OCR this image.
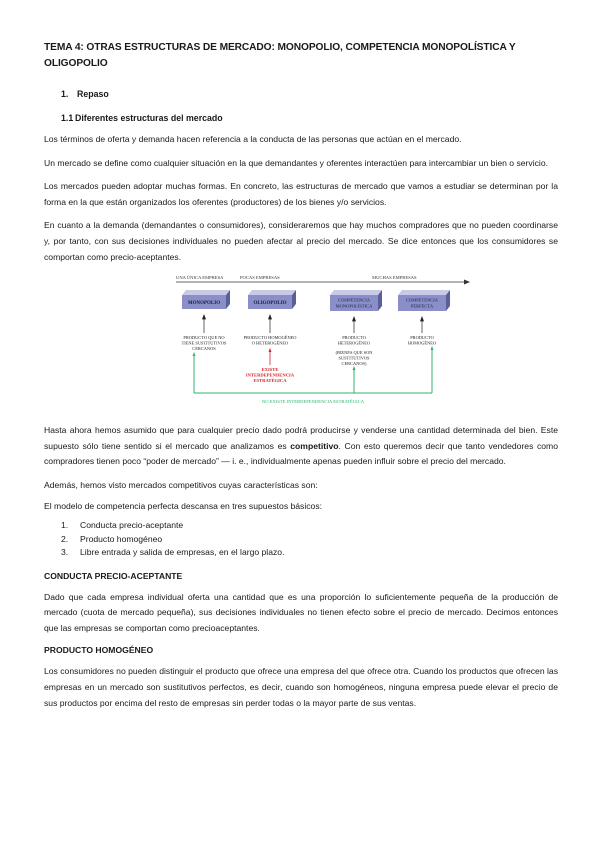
TEMA 4: OTRAS ESTRUCTURAS DE MERCADO: MONOPOLIO, COMPETENCIA MONOPOLÍSTICA Y OLIGOPOLIO
1. Repaso
1.1 Diferentes estructuras del mercado

Los términos de oferta y demanda hacen referencia a la conducta de las personas que actúan en el mercado.

Un mercado se define como cualquier situación en la que demandantes y oferentes interactúen para intercambiar un bien o servicio.

Los mercados pueden adoptar muchas formas. En concreto, las estructuras de mercado que vamos a estudiar se determinan por la forma en la que están organizados los oferentes (productores) de los bienes y/o servicios.

En cuanto a la demanda (demandantes o consumidores), consideraremos que hay muchos compradores que no pueden coordinarse y, por tanto, con sus decisiones individuales no pueden afectar al precio del mercado. Se dice entonces que los consumidores se comportan como precio-aceptantes.

UNA ÚNICA EMPRESA	POCAS EMPRESAS	MUCHAS EMPRESAS
MONOPOLIO	OLIGOPOLIO
COMPETENCIA
MONOPOLÍSTICA
COMPETENCIA
PERFECTA
PRODUCTO QUE NO
TIENE SUSTITUTIVOS
CERCANOS
PRODUCTO HOMOGÉNEO
O HETEROGÉNEO
PRODUCTO
HETEROGÉNEO
(BIENES QUE SON
SUSTITUTIVOS
CERCANOS)
PRODUCTO
HOMOGÉNEO
EXISTE
INTERDEPENDENCIA
ESTRATÉGICA
NO EXISTE INTERDEPENDENCIA ESTRATÉGICA

Hasta ahora hemos asumido que para cualquier precio dado podrá producirse y venderse una cantidad determinada del bien. Este supuesto sólo tiene sentido si el mercado que analizamos es competitivo. Con esto queremos decir que tanto vendedores como compradores tienen poco “poder de mercado” — i. e., individualmente apenas pueden influir sobre el precio del mercado.

Además, hemos visto mercados competitivos cuyas características son:

El modelo de competencia perfecta descansa en tres supuestos básicos:

1. Conducta precio-aceptante
2. Producto homogéneo
3. Libre entrada y salida de empresas, en el largo plazo.
CONDUCTA PRECIO-ACEPTANTE

Dado que cada empresa individual oferta una cantidad que es una proporción lo suficientemente pequeña de la producción de mercado (cuota de mercado pequeña), sus decisiones individuales no tienen efecto sobre el precio de mercado. Decimos entonces que las empresas se comportan como precioaceptantes.

PRODUCTO HOMOGÉNEO

Los consumidores no pueden distinguir el producto que ofrece una empresa del que ofrece otra. Cuando los productos que ofrecen las empresas en un mercado son sustitutivos perfectos, es decir, cuando son homogéneos, ninguna empresa puede elevar el precio de sus productos por encima del resto de empresas sin perder todas o la mayor parte de sus ventas.
